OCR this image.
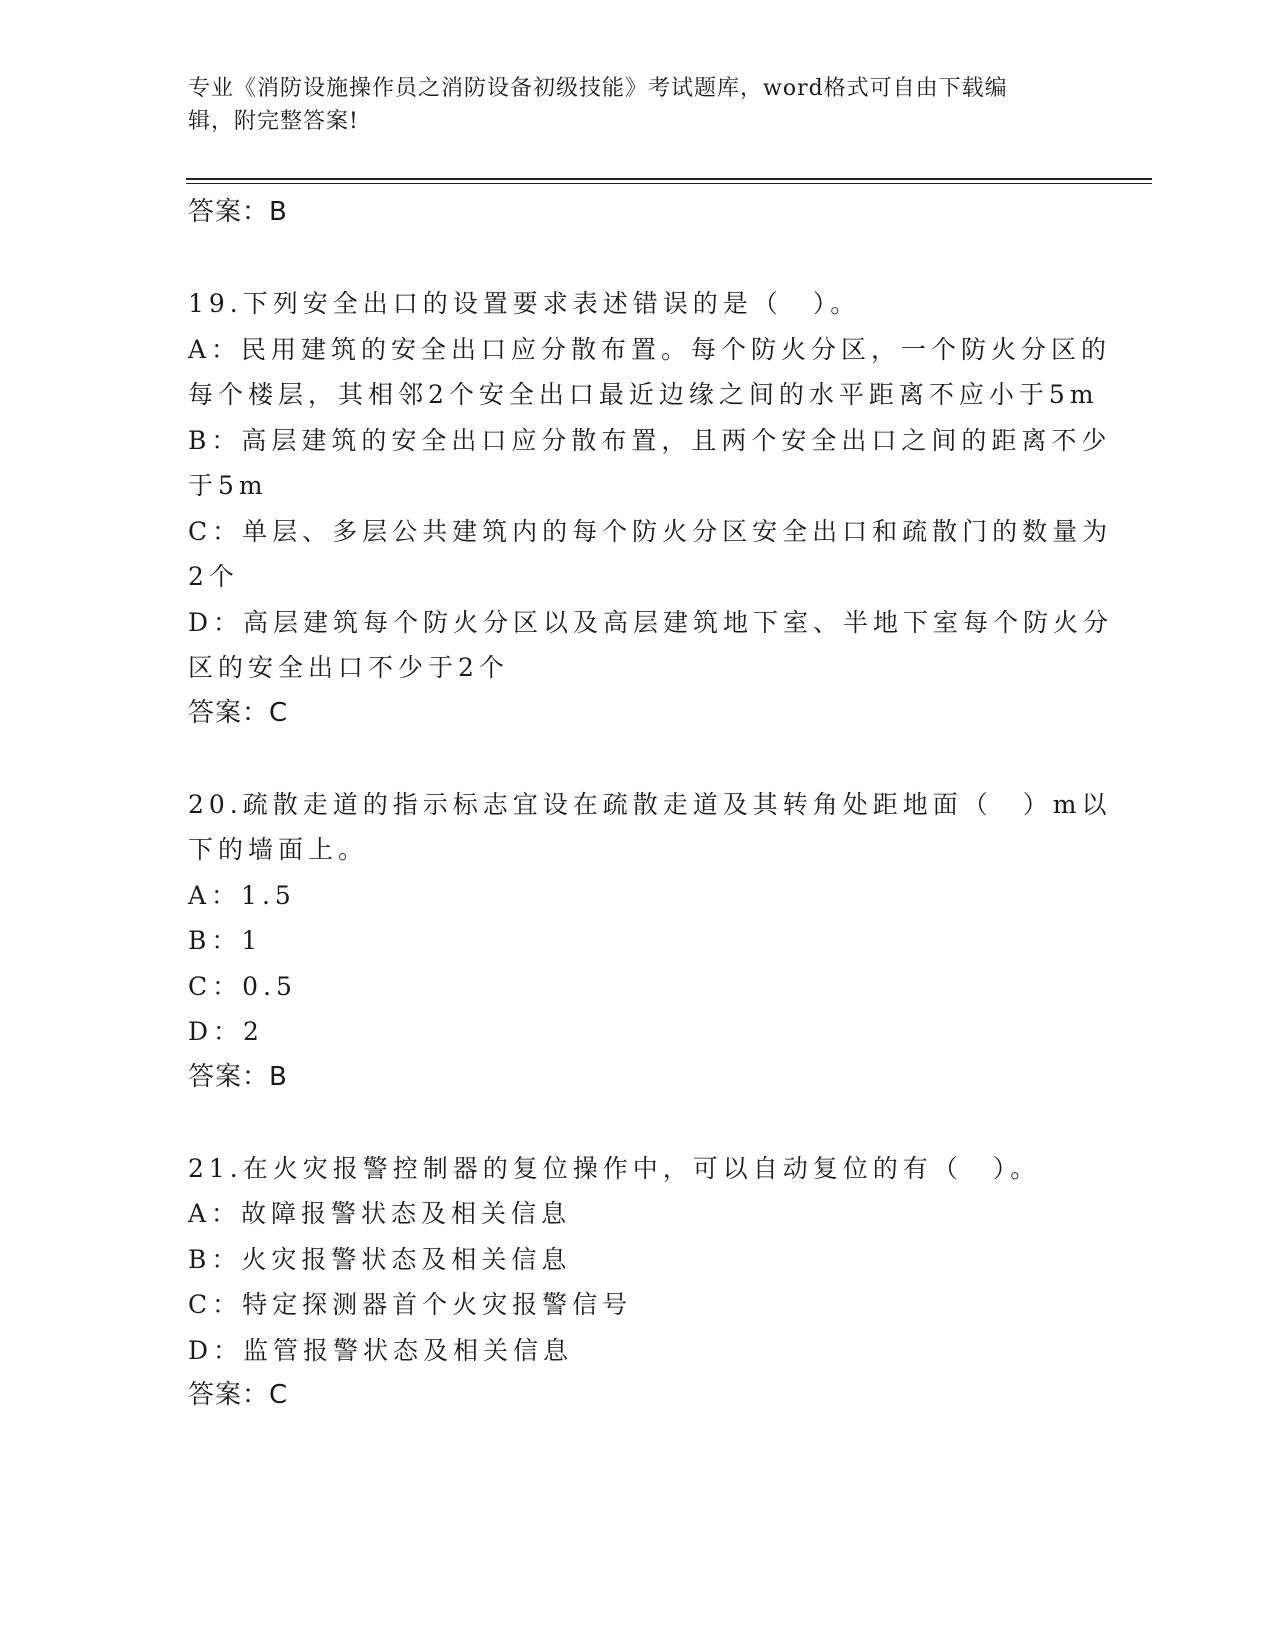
专业《消防设施操作员之消防设备初级技能》考试题库，word格式可自由下载编
辑，附完整答案!
答案：B
19.下列安全出口的设置要求表述错误的是（　）。
A：民用建筑的安全出口应分散布置。每个防火分区，一个防火分区的
每个楼层，其相邻2个安全出口最近边缘之间的水平距离不应小于5m
B：高层建筑的安全出口应分散布置，且两个安全出口之间的距离不少
于5m
C：单层、多层公共建筑内的每个防火分区安全出口和疏散门的数量为
2个
D：高层建筑每个防火分区以及高层建筑地下室、半地下室每个防火分
区的安全出口不少于2个
答案：C
20.疏散走道的指示标志宜设在疏散走道及其转角处距地面（　）m以
下的墙面上。
A：1.5
B：1
C：0.5
D：2
答案：B
21.在火灾报警控制器的复位操作中，可以自动复位的有（　）。
A：故障报警状态及相关信息
B：火灾报警状态及相关信息
C：特定探测器首个火灾报警信号
D：监管报警状态及相关信息
答案：C
